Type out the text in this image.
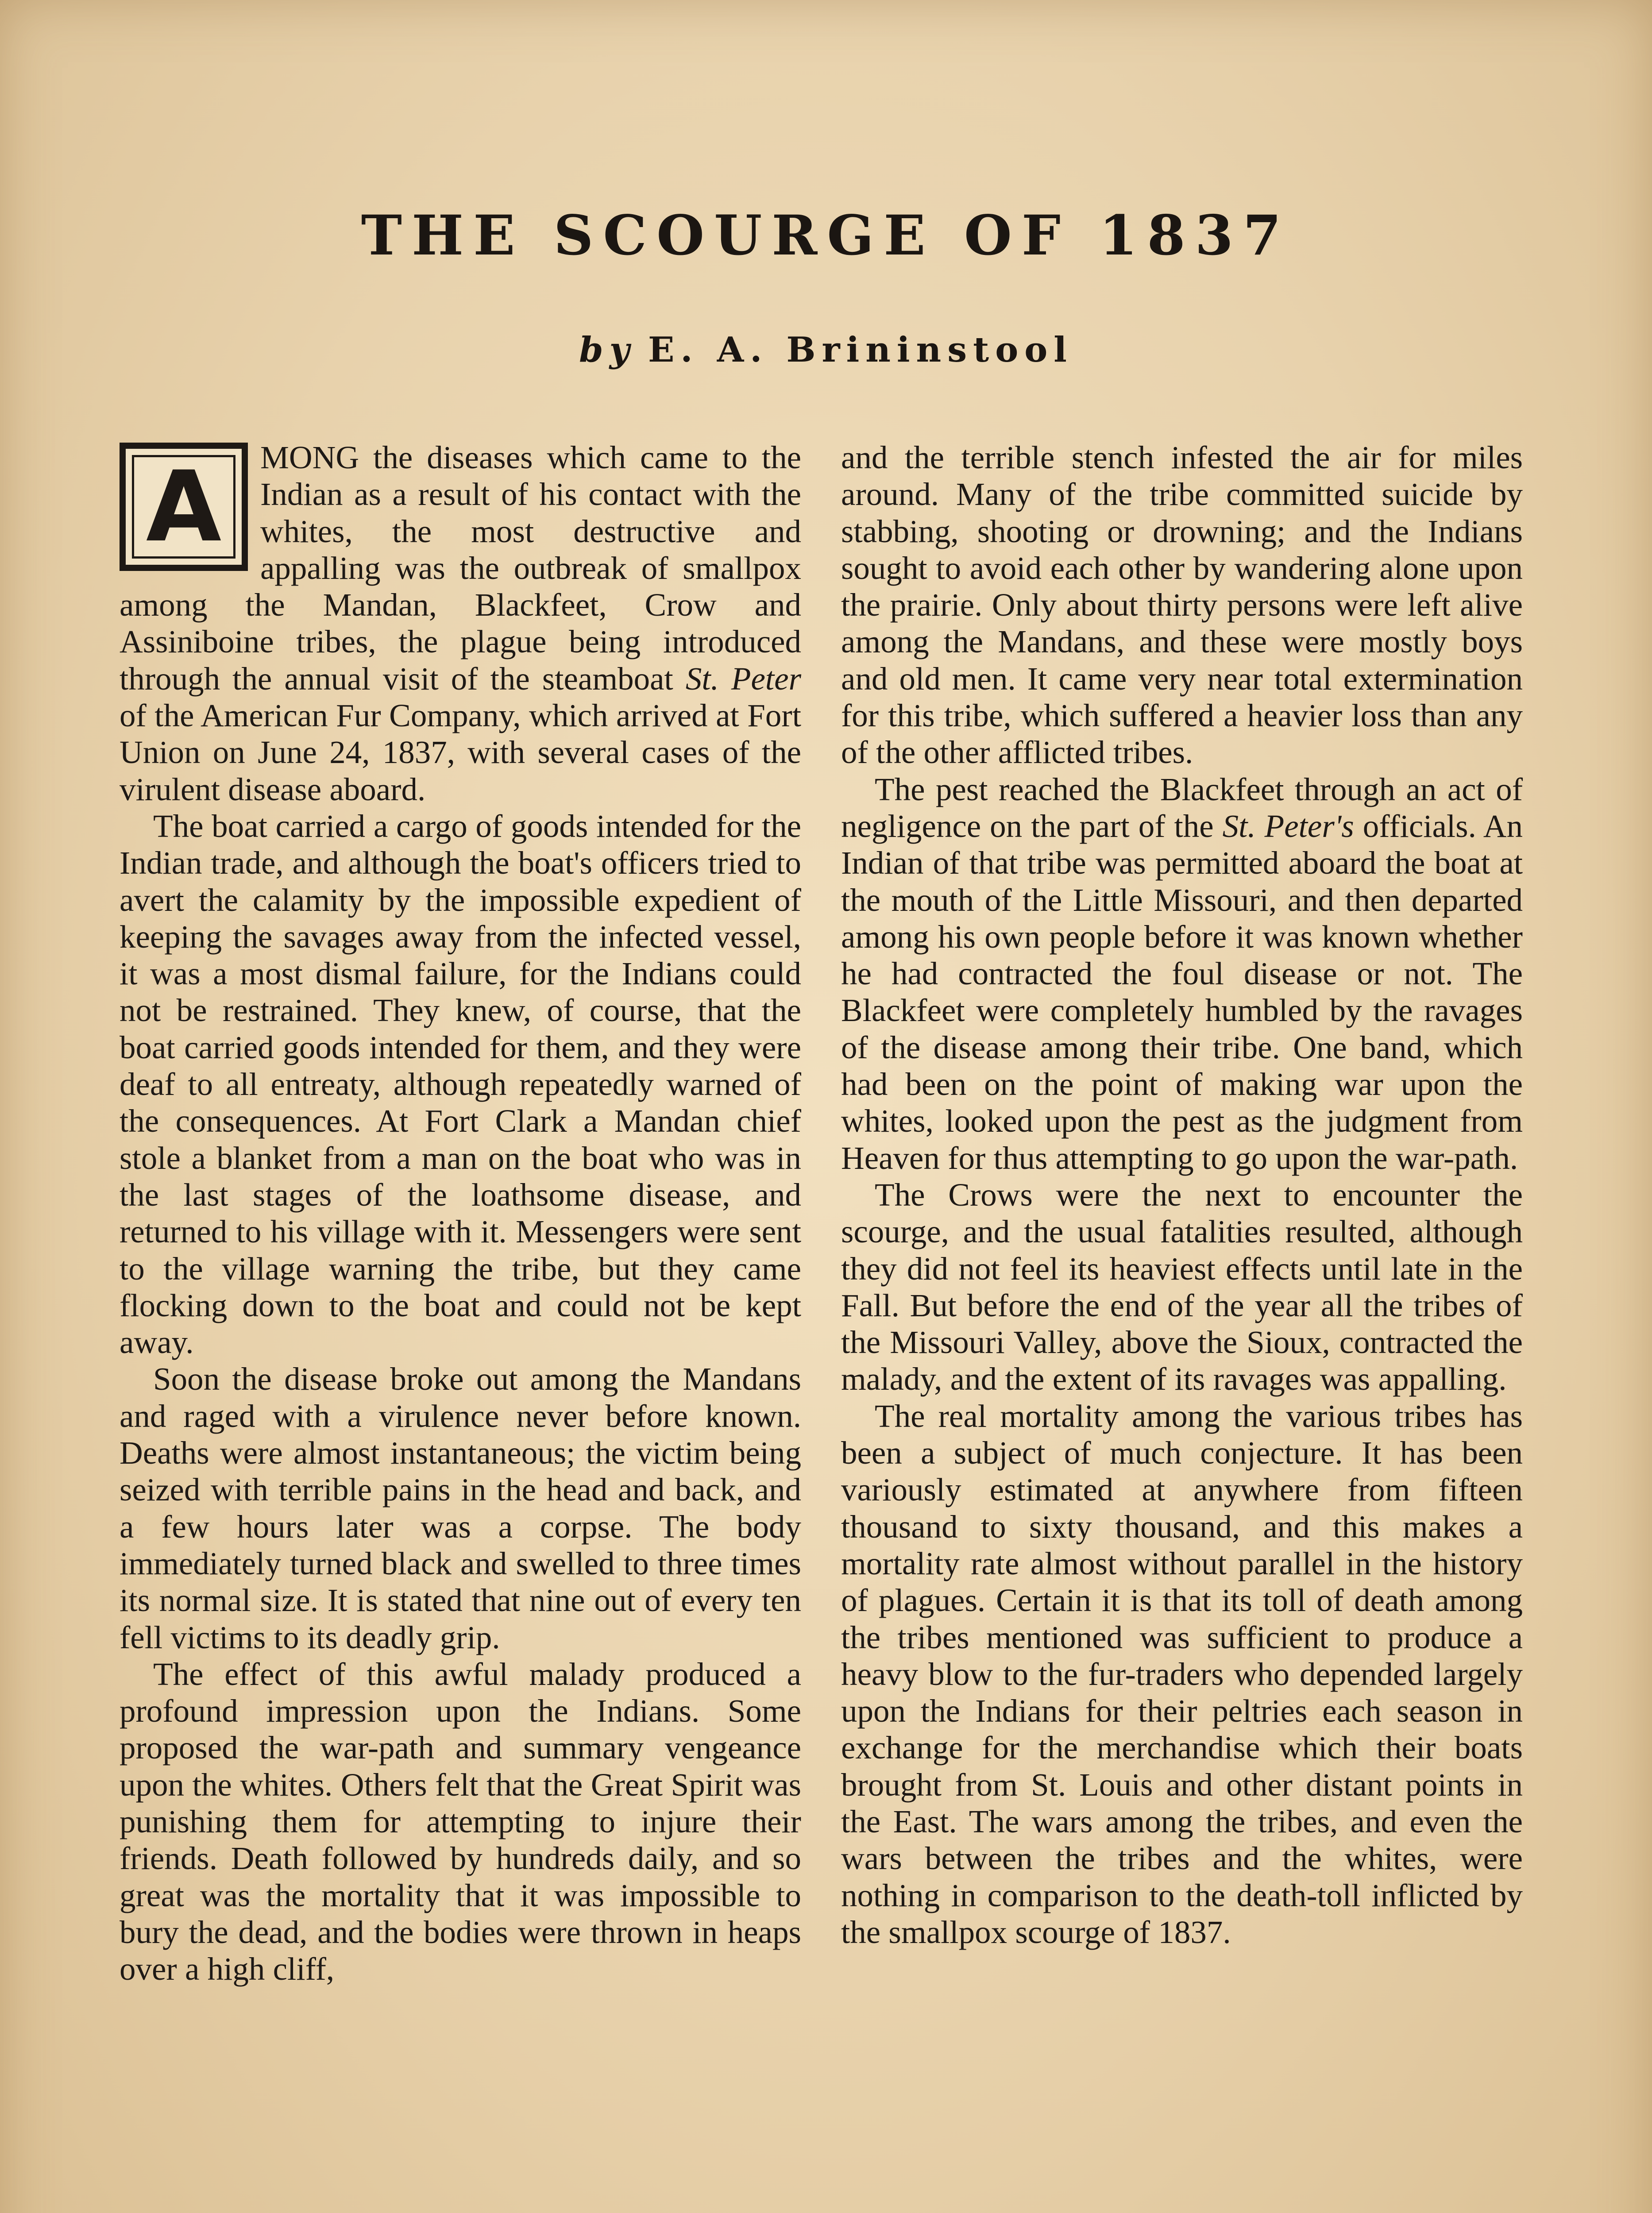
THE SCOURGE OF 1837
by E. A. Brininstool
A	MONG the diseases which came to the Indian as a result of his contact with the whites, the most destructive and appalling was the outbreak of smallpox among the Mandan, Blackfeet, Crow and Assiniboine tribes, the plague being introduced through the annual visit of the steamboat St. Peter of the American Fur Company, which arrived at Fort Union on June 24, 1837, with several cases of the virulent disease aboard.

The boat carried a cargo of goods intended for the Indian trade, and although the boat's officers tried to avert the calamity by the impossible expedient of keeping the savages away from the infected vessel, it was a most dismal failure, for the Indians could not be restrained. They knew, of course, that the boat carried goods intended for them, and they were deaf to all entreaty, although repeatedly warned of the consequences. At Fort Clark a Mandan chief stole a blanket from a man on the boat who was in the last stages of the loathsome disease, and returned to his village with it. Messengers were sent to the village warning the tribe, but they came flocking down to the boat and could not be kept away.

Soon the disease broke out among the Mandans and raged with a virulence never before known. Deaths were almost instantaneous; the victim being seized with terrible pains in the head and back, and a few hours later was a corpse. The body immediately turned black and swelled to three times its normal size. It is stated that nine out of every ten fell victims to its deadly grip.

The effect of this awful malady produced a profound impression upon the Indians. Some proposed the war-path and summary vengeance upon the whites. Others felt that the Great Spirit was punishing them for attempting to injure their friends. Death followed by hundreds daily, and so great was the mortality that it was impossible to bury the dead, and the bodies were thrown in heaps over a high cliff,

and the terrible stench infested the air for miles around. Many of the tribe committed suicide by stabbing, shooting or drowning; and the Indians sought to avoid each other by wandering alone upon the prairie. Only about thirty persons were left alive among the Mandans, and these were mostly boys and old men. It came very near total extermination for this tribe, which suffered a heavier loss than any of the other afflicted tribes.

The pest reached the Blackfeet through an act of negligence on the part of the St. Peter's officials. An Indian of that tribe was permitted aboard the boat at the mouth of the Little Missouri, and then departed among his own people before it was known whether he had contracted the foul disease or not. The Blackfeet were completely humbled by the ravages of the disease among their tribe. One band, which had been on the point of making war upon the whites, looked upon the pest as the judgment from Heaven for thus attempting to go upon the war-path.

The Crows were the next to encounter the scourge, and the usual fatalities resulted, although they did not feel its heaviest effects until late in the Fall. But before the end of the year all the tribes of the Missouri Valley, above the Sioux, contracted the malady, and the extent of its ravages was appalling.

The real mortality among the various tribes has been a subject of much conjecture. It has been variously estimated at anywhere from fifteen thousand to sixty thousand, and this makes a mortality rate almost without parallel in the history of plagues. Certain it is that its toll of death among the tribes mentioned was sufficient to produce a heavy blow to the fur-traders who depended largely upon the Indians for their peltries each season in exchange for the merchandise which their boats brought from St. Louis and other distant points in the East. The wars among the tribes, and even the wars between the tribes and the whites, were nothing in comparison to the death-toll inflicted by the smallpox scourge of 1837.
